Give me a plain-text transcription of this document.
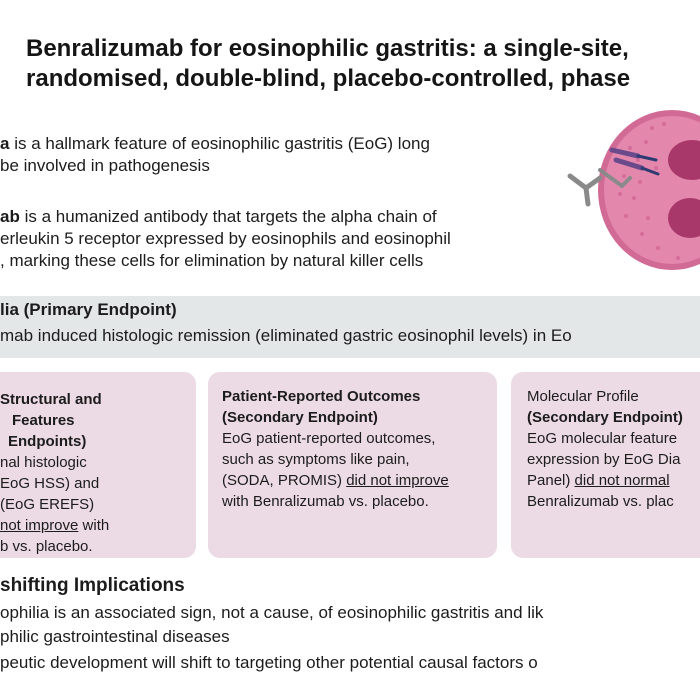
Benralizumab for eosinophilic gastritis: a single-site,
randomised, double-blind, placebo-controlled, phase
a is a hallmark feature of eosinophilic gastritis (EoG) long
be involved in pathogenesis
ab is a humanized antibody that targets the alpha chain of
erleukin 5 receptor expressed by eosinophils and eosinophil
, marking these cells for elimination by natural killer cells
lia (Primary Endpoint)
mab induced histologic remission (eliminated gastric eosinophil levels) in Eo
Structural and
Features
Endpoints)
nal histologic
EoG HSS) and
(EoG EREFS)
not improve with
b vs. placebo.
Patient-Reported Outcomes
(Secondary Endpoint)
EoG patient-reported outcomes,
such as symptoms like pain,
(SODA, PROMIS) did not improve
with Benralizumab vs. placebo.
Molecular Profile
(Secondary Endpoint)
EoG molecular feature
expression by EoG Dia
Panel) did not normal
Benralizumab vs. plac
shifting Implications
ophilia is an associated sign, not a cause, of eosinophilic gastritis and lik
philic gastrointestinal diseases
peutic development will shift to targeting other potential causal factors o
